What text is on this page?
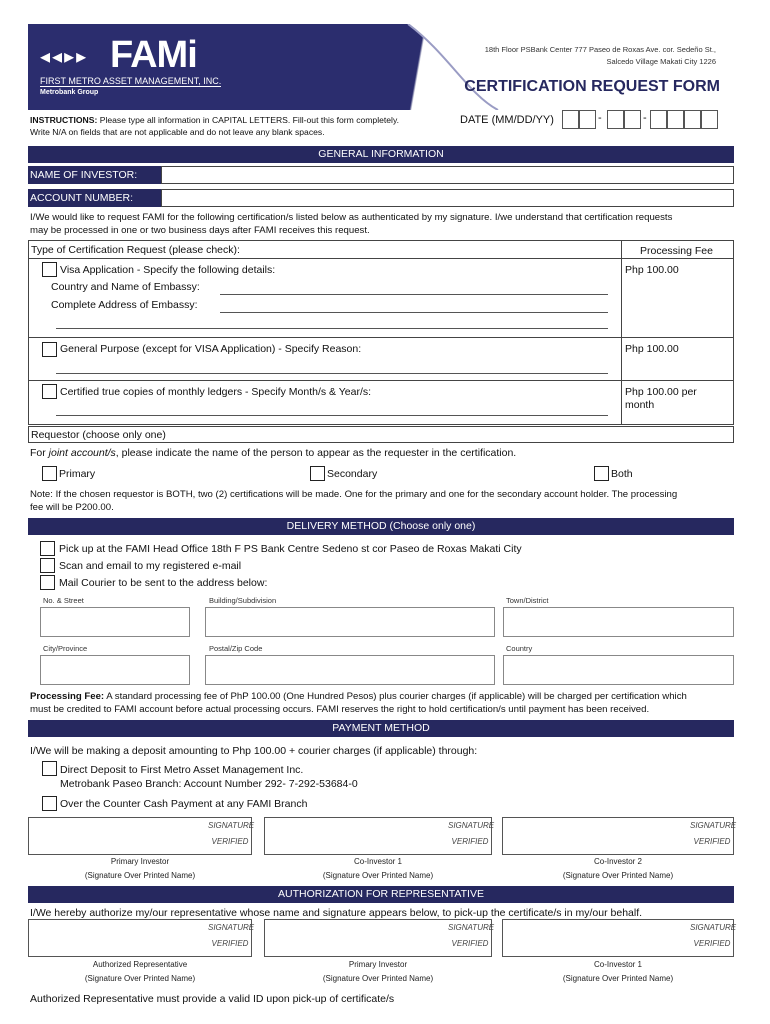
◂◂▸▸ FAMi
FIRST METRO ASSET MANAGEMENT, INC.
Metrobank Group
18th Floor PSBank Center 777 Paseo de Roxas Ave. cor. Sedeño St.,
Salcedo Village Makati City 1226
CERTIFICATION REQUEST FORM
INSTRUCTIONS: Please type all information in CAPITAL LETTERS. Fill-out this form completely.
Write N/A on fields that are not applicable and do not leave any blank spaces.
DATE (MM/DD/YY)	-	-
GENERAL INFORMATION
NAME OF INVESTOR:
ACCOUNT NUMBER:
I/We would like to request FAMI for the following certification/s listed below as authenticated by my signature. I/we understand that certification requests
may be processed in one or two business days after FAMI receives this request.
Type of Certification Request (please check):	Processing Fee
Visa Application - Specify the following details:	Php 100.00
Country and Name of Embassy:
Complete Address of Embassy:
General Purpose (except for VISA Application) - Specify Reason:	Php 100.00
Certified true copies of monthly ledgers - Specify Month/s & Year/s:	Php 100.00 per
month
Requestor (choose only one)
For joint account/s, please indicate the name of the person to appear as the requester in the certification.
Primary	Secondary	Both
Note: If the chosen requestor is BOTH, two (2) certifications will be made. One for the primary and one for the secondary account holder. The processing
fee will be P200.00.
DELIVERY METHOD (Choose only one)
Pick up at the FAMI Head Office 18th F PS Bank Centre Sedeno st cor Paseo de Roxas Makati City
Scan and email to my registered e-mail
Mail Courier to be sent to the address below:
No. & Street	Building/Subdivision	Town/District
City/Province	Postal/Zip Code	Country
Processing Fee: A standard processing fee of PhP 100.00 (One Hundred Pesos) plus courier charges (if applicable) will be charged per certification which
must be credited to FAMI account before actual processing occurs. FAMI reserves the right to hold certification/s until payment has been received.
PAYMENT METHOD
I/We will be making a deposit amounting to Php 100.00 + courier charges (if applicable) through:
Direct Deposit to First Metro Asset Management Inc.
Metrobank Paseo Branch: Account Number 292- 7-292-53684-0
Over the Counter Cash Payment at any FAMI Branch
SIGNATURE
VERIFIED
SIGNATURE
VERIFIED
SIGNATURE
VERIFIED
Primary Investor
(Signature Over Printed Name)
Co-Investor 1
(Signature Over Printed Name)
Co-Investor 2
(Signature Over Printed Name)
AUTHORIZATION FOR REPRESENTATIVE
I/We hereby authorize my/our representative whose name and signature appears below, to pick-up the certificate/s in my/our behalf.
SIGNATURE
VERIFIED
SIGNATURE
VERIFIED
SIGNATURE
VERIFIED
Authorized Representative
(Signature Over Printed Name)
Primary Investor
(Signature Over Printed Name)
Co-Investor 1
(Signature Over Printed Name)
Authorized Representative must provide a valid ID upon pick-up of certificate/s
